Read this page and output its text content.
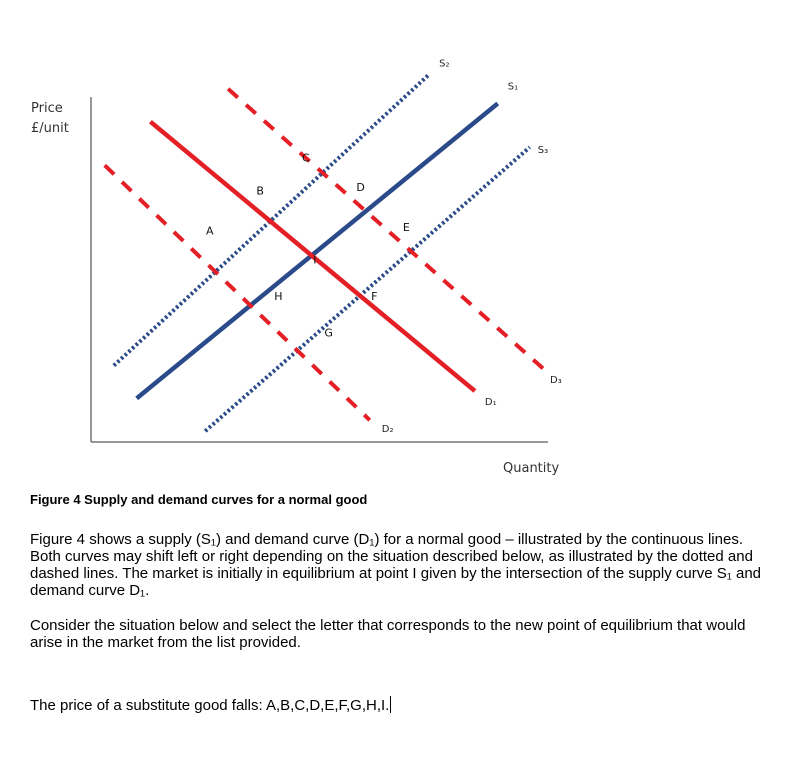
Price
£/unit
Quantity
S₁
S₂
S₃
D₁
D₂
D₃
A
B
C
D
E
F
G
H
I
Figure 4 Supply and demand curves for a normal good
Figure 4 shows a supply (S₁) and demand curve (D₁) for a normal good – illustrated by the continuous lines. Both curves may shift left or right depending on the situation described below, as illustrated by the dotted and dashed lines. The market is initially in equilibrium at point I given by the intersection of the supply curve S₁ and demand curve D₁.
Consider the situation below and select the letter that corresponds to the new point of equilibrium that would arise in the market from the list provided.
The price of a substitute good falls: A,B,C,D,E,F,G,H,I.
